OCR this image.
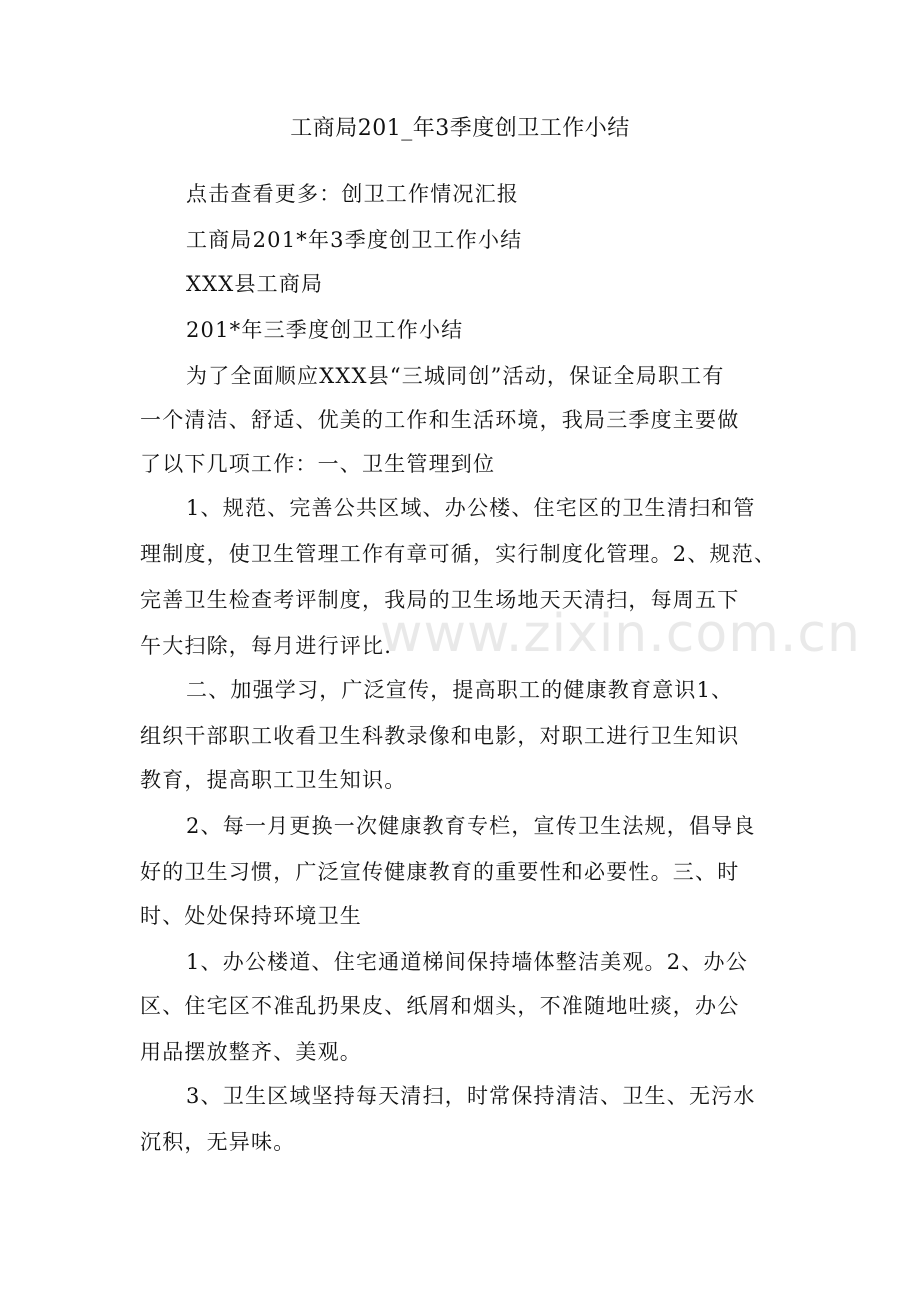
工商局201_年3季度创卫工作小结
点击查看更多：创卫工作情况汇报
工商局201*年3季度创卫工作小结
XXX县工商局
201*年三季度创卫工作小结
为了全面顺应XXX县“三城同创”活动，保证全局职工有
一个清洁、舒适、优美的工作和生活环境，我局三季度主要做
了以下几项工作：一、卫生管理到位
1、规范、完善公共区域、办公楼、住宅区的卫生清扫和管
理制度，使卫生管理工作有章可循，实行制度化管理。2、规范、
完善卫生检查考评制度，我局的卫生场地天天清扫，每周五下
午大扫除，每月进行评比.
二、加强学习，广泛宣传，提高职工的健康教育意识1、
组织干部职工收看卫生科教录像和电影，对职工进行卫生知识
教育，提高职工卫生知识。
2、每一月更换一次健康教育专栏，宣传卫生法规，倡导良
好的卫生习惯，广泛宣传健康教育的重要性和必要性。三、时
时、处处保持环境卫生
1、办公楼道、住宅通道梯间保持墙体整洁美观。2、办公
区、住宅区不准乱扔果皮、纸屑和烟头，不准随地吐痰，办公
用品摆放整齐、美观。
3、卫生区域坚持每天清扫，时常保持清洁、卫生、无污水
沉积，无异味。
www.zixin.com.cn
